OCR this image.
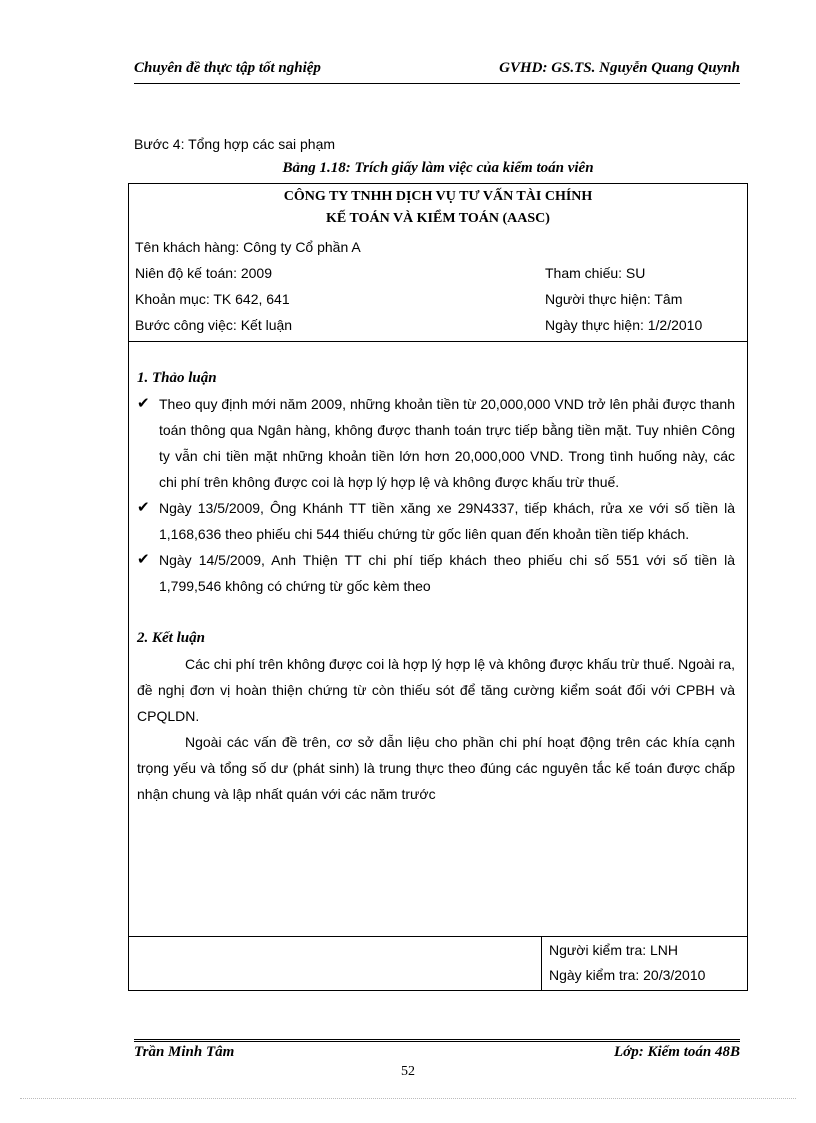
Chuyên đề thực tập tốt nghiệp	GVHD: GS.TS. Nguyễn Quang Quynh
Bước 4: Tổng hợp các sai phạm
Bảng 1.18: Trích giấy làm việc của kiểm toán viên
CÔNG TY TNHH DỊCH VỤ TƯ VẤN TÀI CHÍNH
KẾ TOÁN VÀ KIỂM TOÁN (AASC)
Tên khách hàng: Công ty Cổ phần A
Niên độ kế toán: 2009	Tham chiếu: SU
Khoản mục: TK 642, 641	Người thực hiện: Tâm
Bước công việc: Kết luận	Ngày thực hiện: 1/2/2010
1. Thảo luận
✔ Theo quy định mới năm 2009, những khoản tiền từ 20,000,000 VND trở lên phải được thanh toán thông qua Ngân hàng, không được thanh toán trực tiếp bằng tiền mặt. Tuy nhiên Công ty vẫn chi tiền mặt những khoản tiền lớn hơn 20,000,000 VND. Trong tình huống này, các chi phí trên không được coi là hợp lý hợp lệ và không được khấu trừ thuế.
✔ Ngày 13/5/2009, Ông Khánh TT tiền xăng xe 29N4337, tiếp khách, rửa xe với số tiền là 1,168,636 theo phiếu chi 544 thiếu chứng từ gốc liên quan đến khoản tiền tiếp khách.
✔ Ngày 14/5/2009, Anh Thiện TT chi phí tiếp khách theo phiếu chi số 551 với số tiền là 1,799,546 không có chứng từ gốc kèm theo
2. Kết luận
Các chi phí trên không được coi là hợp lý hợp lệ và không được khấu trừ thuế. Ngoài ra, đề nghị đơn vị hoàn thiện chứng từ còn thiếu sót để tăng cường kiểm soát đối với CPBH và CPQLDN.
Ngoài các vấn đề trên, cơ sở dẫn liệu cho phần chi phí hoạt động trên các khía cạnh trọng yếu và tổng số dư (phát sinh) là trung thực theo đúng các nguyên tắc kế toán được chấp nhận chung và lập nhất quán với các năm trước
Người kiểm tra: LNH
Ngày kiểm tra: 20/3/2010
Trần Minh Tâm	Lớp: Kiểm toán 48B
52
